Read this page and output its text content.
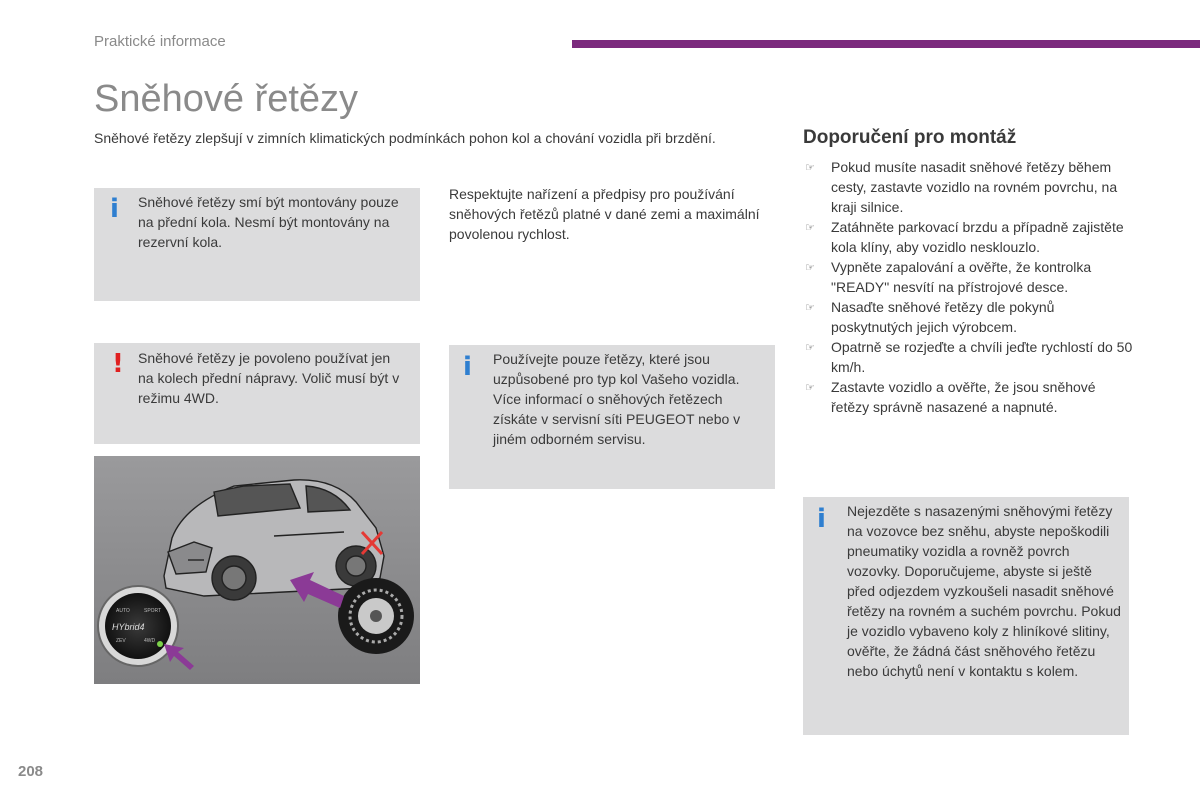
Praktické informace
Sněhové řetězy

Sněhové řetězy zlepšují v zimních klimatických podmínkách pohon kol a chování vozidla při brzdění.

i Sněhové řetězy smí být montovány pouze na přední kola. Nesmí být montovány na rezervní kola.

Respektujte nařízení a předpisy pro používání sněhových řetězů platné v dané zemi a maximální povolenou rychlost.

! Sněhové řetězy je povoleno používat jen na kolech přední nápravy. Volič musí být v režimu 4WD.

i Používejte pouze řetězy, které jsou uzpůsobené pro typ kol Vašeho vozidla. Více informací o sněhových řetězech získáte v servisní síti PEUGEOT nebo v jiném odborném servisu.

AUTO	SPORT
HYbrid4
ZEV	4WD
Doporučení pro montáž
☞ Pokud musíte nasadit sněhové řetězy během cesty, zastavte vozidlo na rovném povrchu, na kraji silnice.
☞ Zatáhněte parkovací brzdu a případně zajistěte kola klíny, aby vozidlo nesklouzlo.
☞ Vypněte zapalování a ověřte, že kontrolka "READY" nesvítí na přístrojové desce.
☞ Nasaďte sněhové řetězy dle pokynů poskytnutých jejich výrobcem.
☞ Opatrně se rozjeďte a chvíli jeďte rychlostí do 50 km/h.
☞ Zastavte vozidlo a ověřte, že jsou sněhové řetězy správně nasazené a napnuté.
i Nejezděte s nasazenými sněhovými řetězy na vozovce bez sněhu, abyste nepoškodili pneumatiky vozidla a rovněž povrch vozovky. Doporučujeme, abyste si ještě před odjezdem vyzkoušeli nasadit sněhové řetězy na rovném a suchém povrchu. Pokud je vozidlo vybaveno koly z hliníkové slitiny, ověřte, že žádná část sněhového řetězu nebo úchytů není v kontaktu s kolem.

208
